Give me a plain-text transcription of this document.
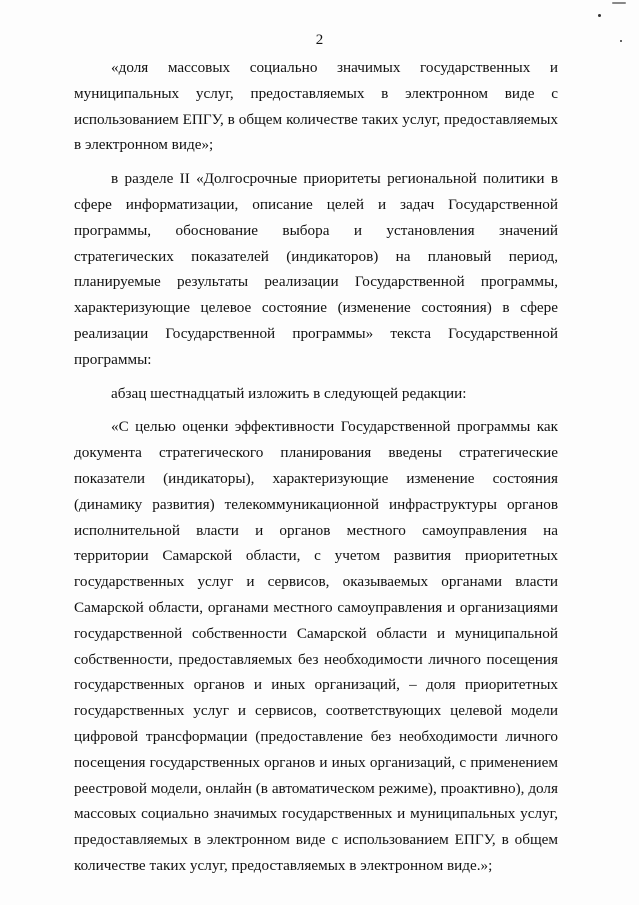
2

«доля массовых социально значимых государственных и муниципальных услуг, предоставляемых в электронном виде с использованием ЕПГУ, в общем количестве таких услуг, предоставляемых в электронном виде»;

в разделе II «Долгосрочные приоритеты региональной политики в сфере информатизации, описание целей и задач Государственной программы, обоснование выбора и установления значений стратегических показателей (индикаторов) на плановый период, планируемые результаты реализации Государственной программы, характеризующие целевое состояние (изменение состояния) в сфере реализации Государственной программы» текста Государственной программы:

абзац шестнадцатый изложить в следующей редакции:

«С целью оценки эффективности Государственной программы как документа стратегического планирования введены стратегические показатели (индикаторы), характеризующие изменение состояния (динамику развития) телекоммуникационной инфраструктуры органов исполнительной власти и органов местного самоуправления на территории Самарской области, с учетом развития приоритетных государственных услуг и сервисов, оказываемых органами власти Самарской области, органами местного самоуправления и организациями государственной собственности Самарской области и муниципальной собственности, предоставляемых без необходимости личного посещения государственных органов и иных организаций, – доля приоритетных государственных услуг и сервисов, соответствующих целевой модели цифровой трансформации (предоставление без необходимости личного посещения государственных органов и иных организаций, с применением реестровой модели, онлайн (в автоматическом режиме), проактивно), доля массовых социально значимых государственных и муниципальных услуг, предоставляемых в электронном виде с использованием ЕПГУ, в общем количестве таких услуг, предоставляемых в электронном виде.»;
